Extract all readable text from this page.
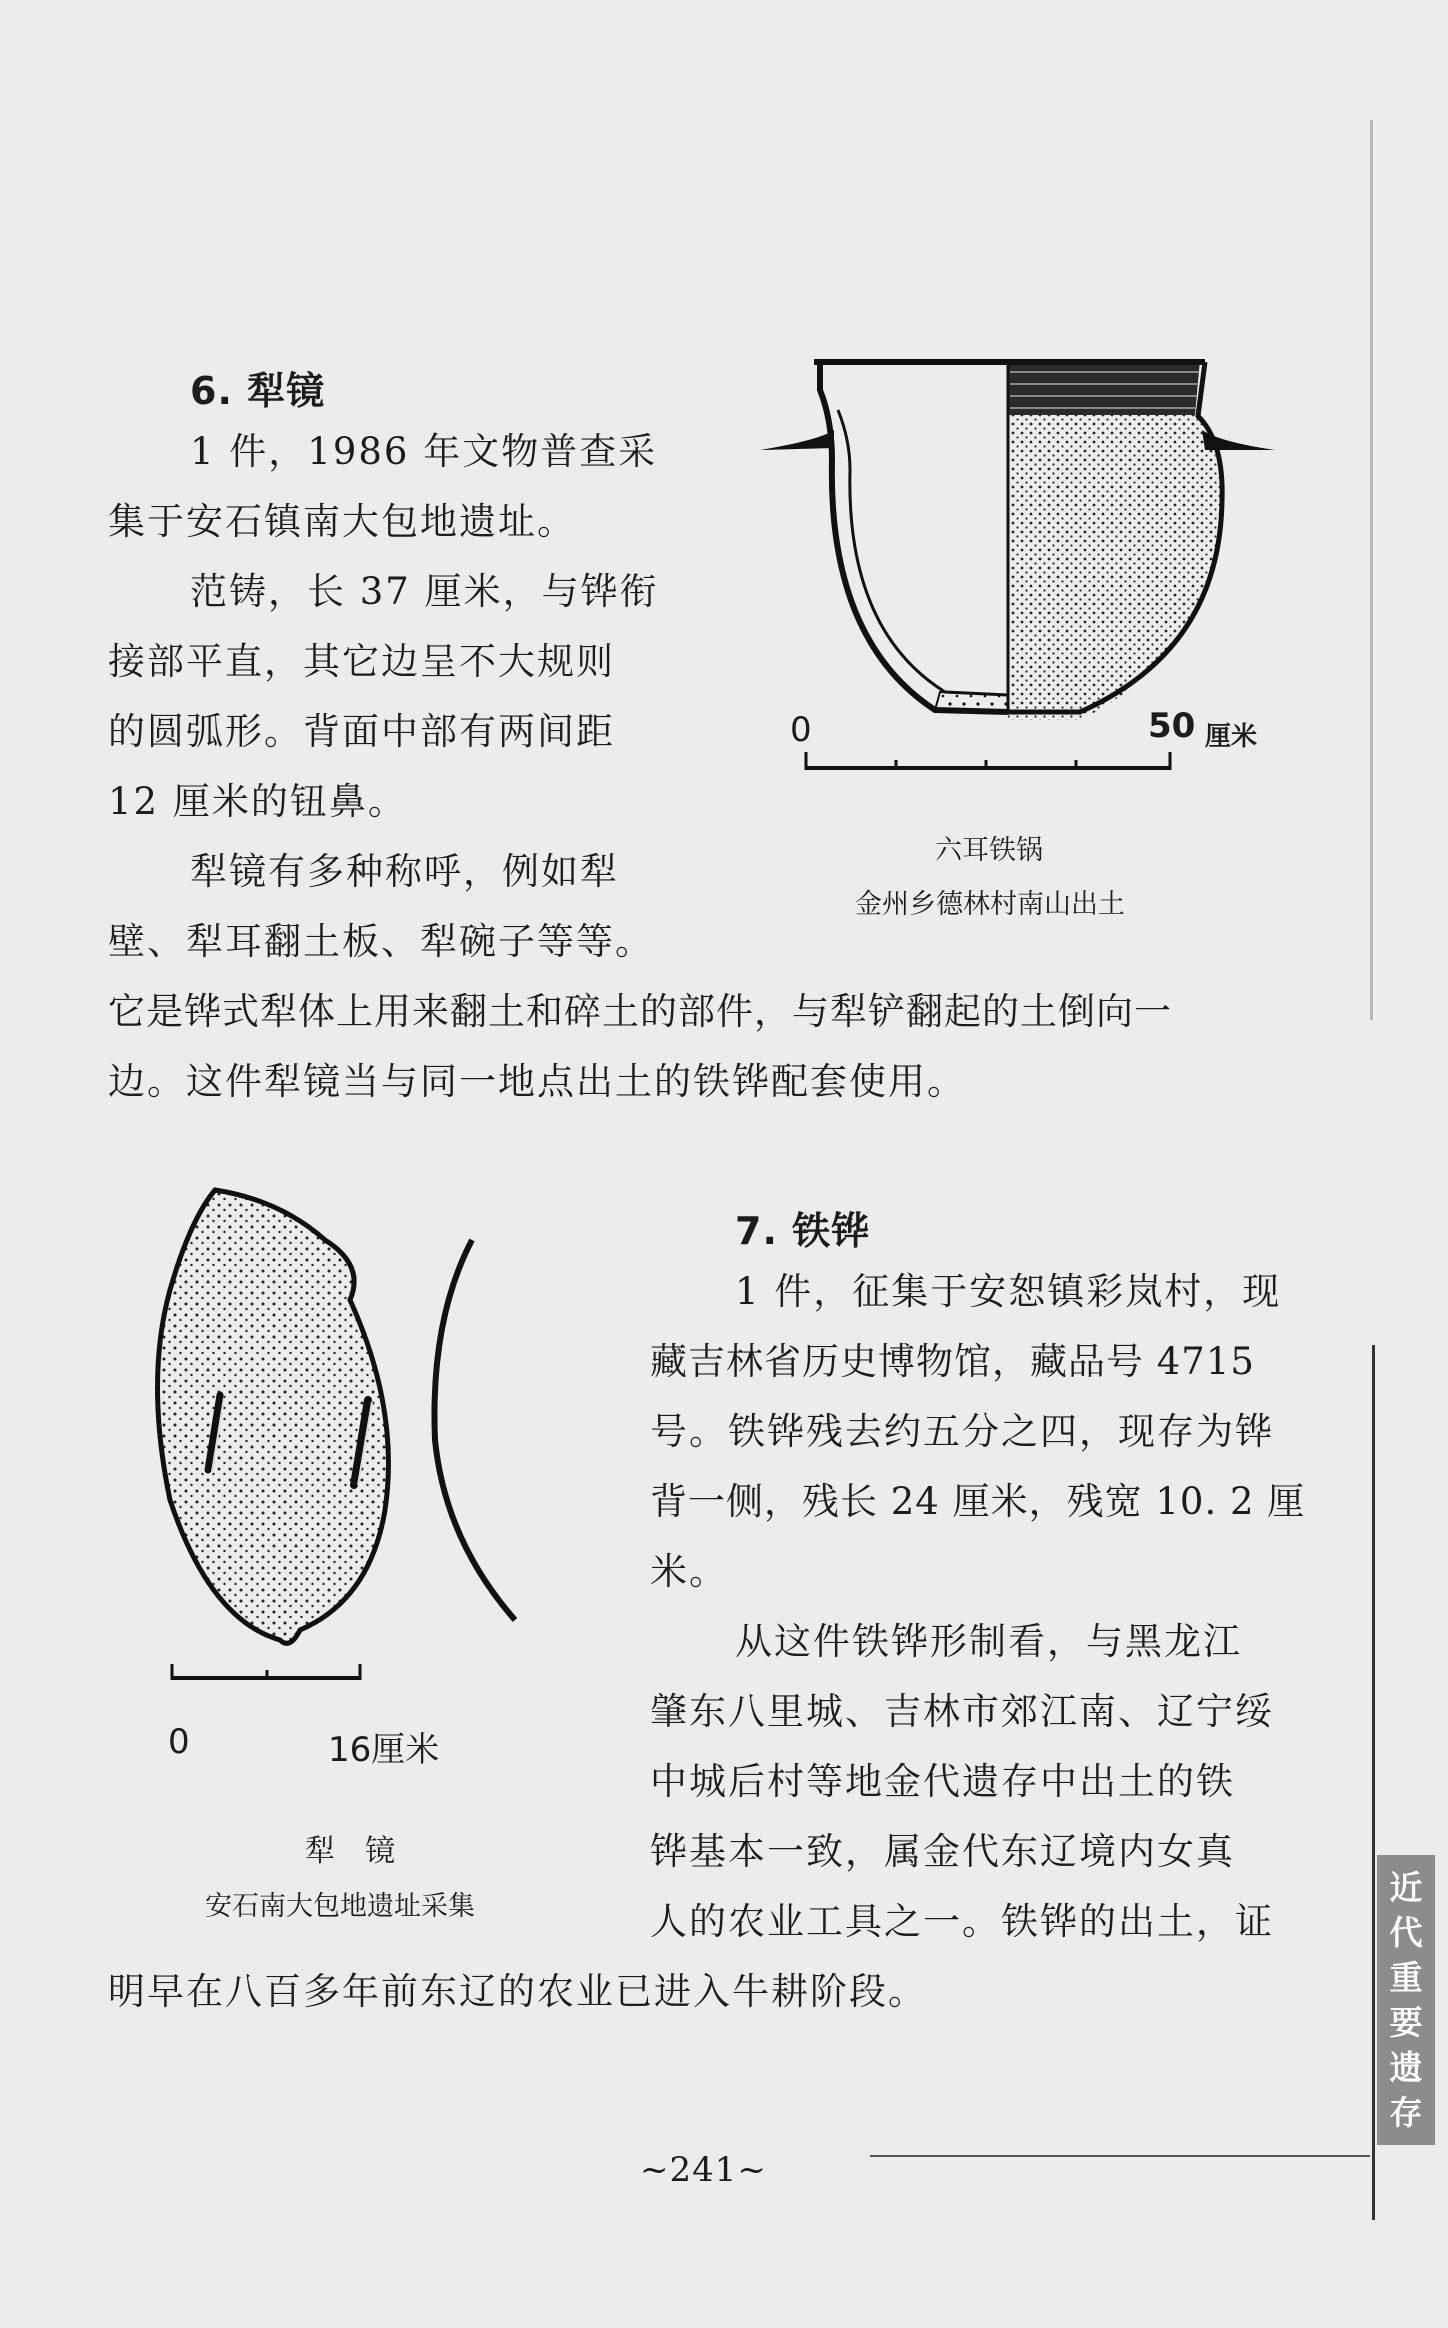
6. 犁镜
1 件，1986 年文物普查采
集于安石镇南大包地遗址。
范铸，长 37 厘米，与铧衔
接部平直，其它边呈不大规则
的圆弧形。背面中部有两间距
12 厘米的钮鼻。
犁镜有多种称呼，例如犁
壁、犁耳翻土板、犁碗子等等。
它是铧式犁体上用来翻土和碎土的部件，与犁铲翻起的土倒向一
边。这件犁镜当与同一地点出土的铁铧配套使用。
0	50 厘米
六耳铁锅
金州乡德林村南山出土
0	16厘米
犁　镜
安石南大包地遗址采集
7. 铁铧
1 件，征集于安恕镇彩岚村，现
藏吉林省历史博物馆，藏品号 4715
号。铁铧残去约五分之四，现存为铧
背一侧，残长 24 厘米，残宽 10. 2 厘
米。
从这件铁铧形制看，与黑龙江
肇东八里城、吉林市郊江南、辽宁绥
中城后村等地金代遗存中出土的铁
铧基本一致，属金代东辽境内女真
人的农业工具之一。铁铧的出土，证
明早在八百多年前东辽的农业已进入牛耕阶段。
近
代
重
要
遗
存
~241~
